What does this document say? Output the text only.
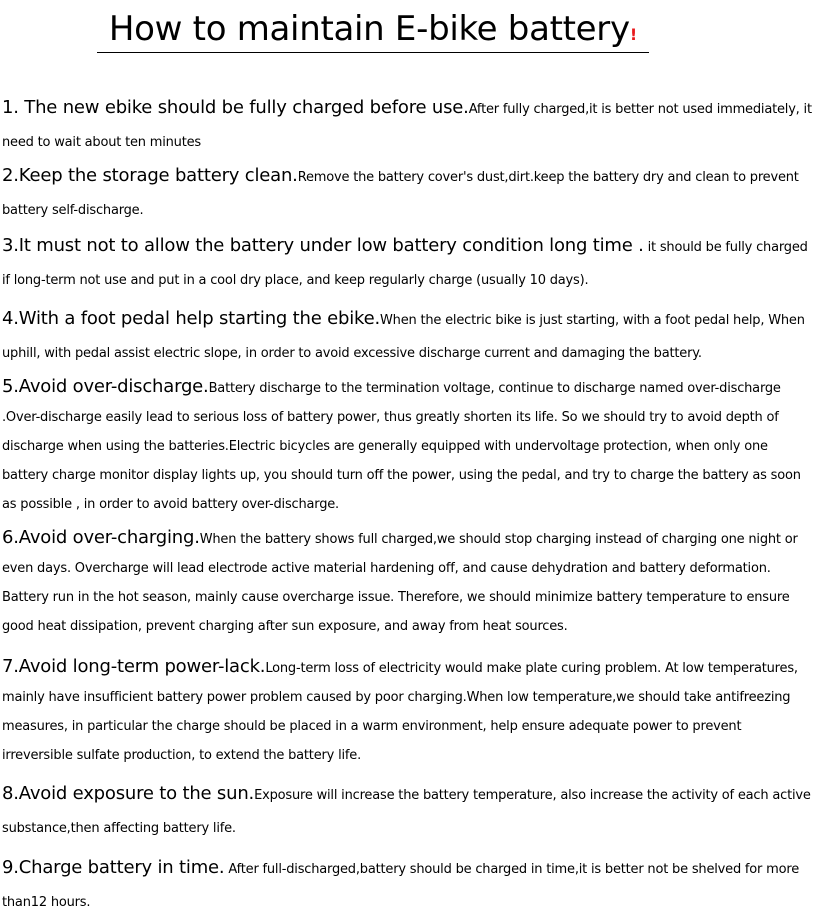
How to maintain E-bike battery!

1. The new ebike should be fully charged before use.After fully charged,it is better not used immediately, it need to wait about ten minutes

2.Keep the storage battery clean.Remove the battery cover's dust,dirt.keep the battery dry and clean to prevent battery self-discharge.

3.It must not to allow the battery under low battery condition long time . it should be fully charged if long-term not use and put in a cool dry place, and keep regularly charge (usually 10 days).

4.With a foot pedal help starting the ebike.When the electric bike is just starting, with a foot pedal help, When uphill, with pedal assist electric slope, in order to avoid excessive discharge current and damaging the battery.

5.Avoid over-discharge.Battery discharge to the termination voltage, continue to discharge named over-discharge .Over-discharge easily lead to serious loss of battery power, thus greatly shorten its life. So we should try to avoid depth of discharge when using the batteries.Electric bicycles are generally equipped with undervoltage protection, when only one battery charge monitor display lights up, you should turn off the power, using the pedal, and try to charge the battery as soon as possible , in order to avoid battery over-discharge.

6.Avoid over-charging.When the battery shows full charged,we should stop charging instead of charging one night or even days. Overcharge will lead electrode active material hardening off, and cause dehydration and battery deformation. Battery run in the hot season, mainly cause overcharge issue. Therefore, we should minimize battery temperature to ensure good heat dissipation, prevent charging after sun exposure, and away from heat sources.

7.Avoid long-term power-lack.Long-term loss of electricity would make plate curing problem. At low temperatures, mainly have insufficient battery power problem caused by poor charging.When low temperature,we should take antifreezing measures, in particular the charge should be placed in a warm environment, help ensure adequate power to prevent irreversible sulfate production, to extend the battery life.

8.Avoid exposure to the sun.Exposure will increase the battery temperature, also increase the activity of each active substance,then affecting battery life.

9.Charge battery in time. After full-discharged,battery should be charged in time,it is better not be shelved for more than12 hours.
